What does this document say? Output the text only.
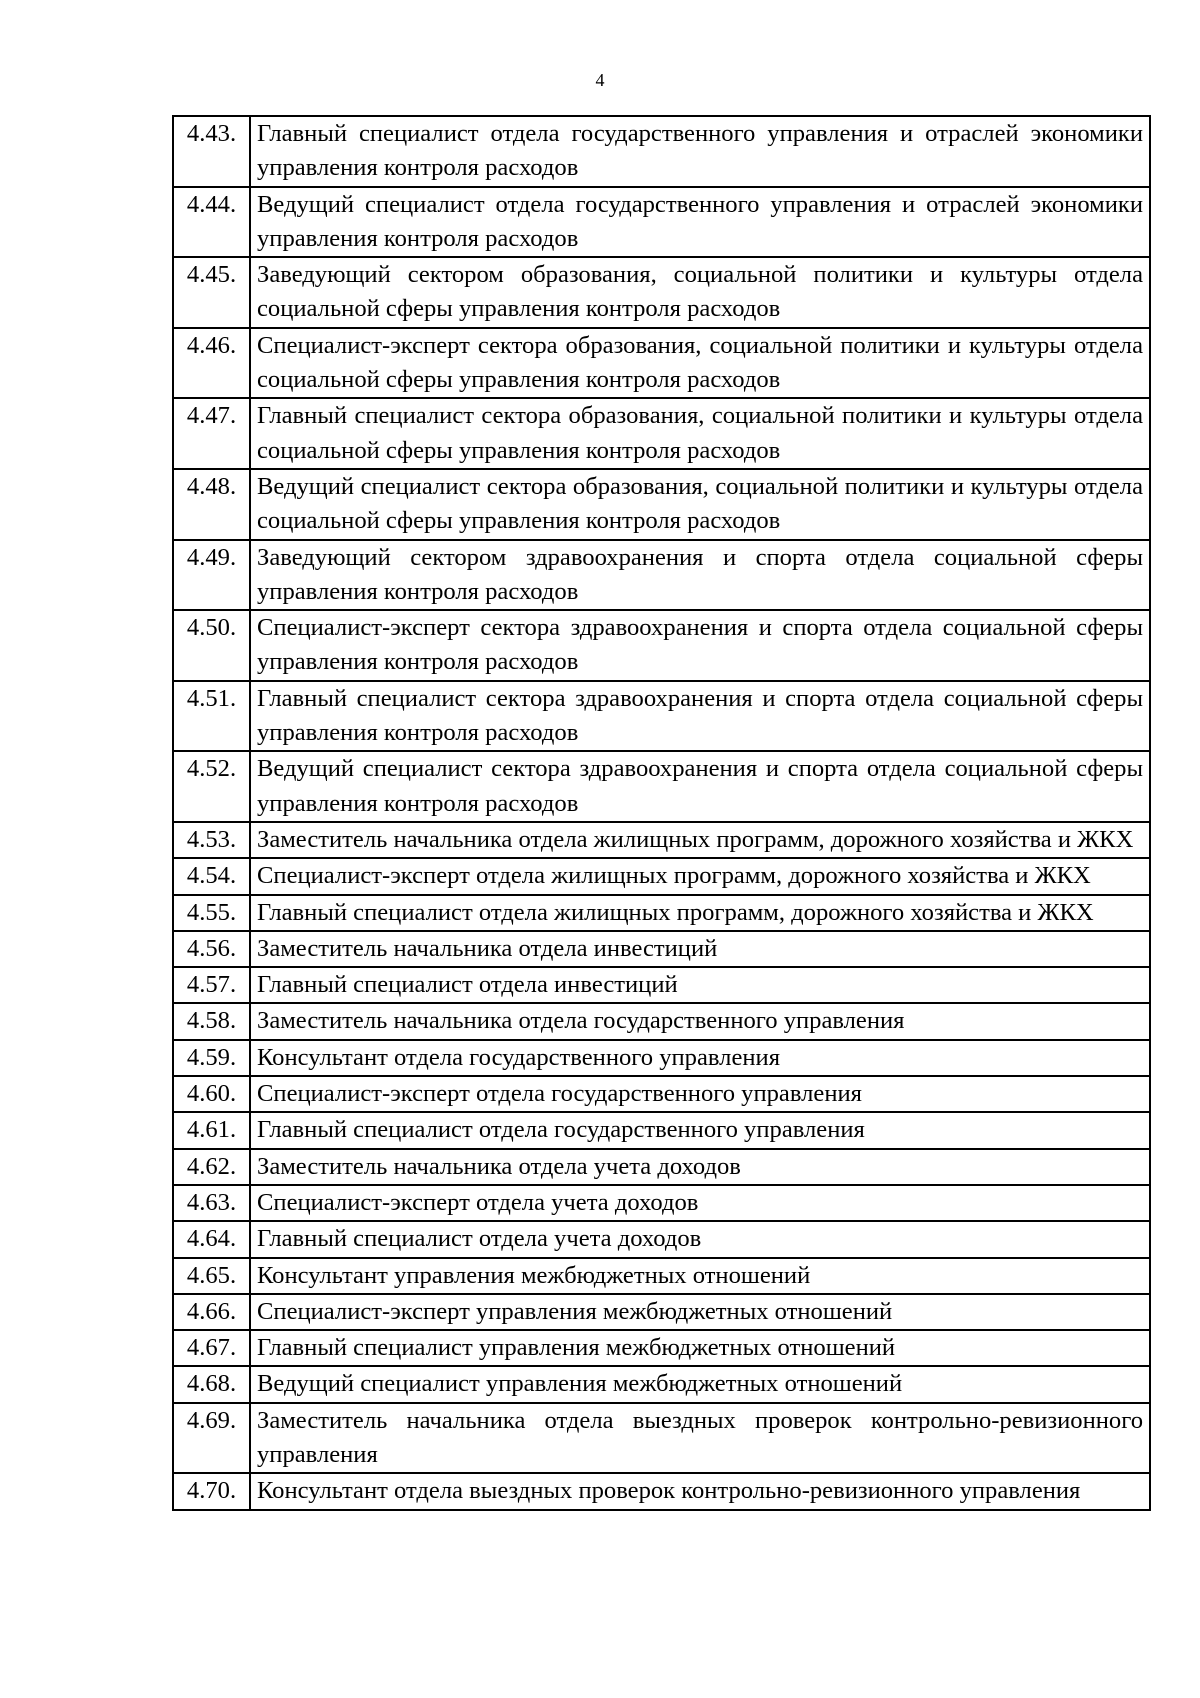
4
4.43.	Главный специалист отдела государственного управления и отраслей экономики управления контроля расходов
4.44.	Ведущий специалист отдела государственного управления и отраслей экономики управления контроля расходов
4.45.	Заведующий сектором образования, социальной политики и культуры отдела социальной сферы управления контроля расходов
4.46.	Специалист-эксперт сектора образования, социальной политики и культуры отдела социальной сферы управления контроля расходов
4.47.	Главный специалист сектора образования, социальной политики и культуры отдела социальной сферы управления контроля расходов
4.48.	Ведущий специалист сектора образования, социальной политики и культуры отдела социальной сферы управления контроля расходов
4.49.	Заведующий сектором здравоохранения и спорта отдела социальной сферы управления контроля расходов
4.50.	Специалист-эксперт сектора здравоохранения и спорта отдела социальной сферы управления контроля расходов
4.51.	Главный специалист сектора здравоохранения и спорта отдела социальной сферы управления контроля расходов
4.52.	Ведущий специалист сектора здравоохранения и спорта отдела социальной сферы управления контроля расходов
4.53.	Заместитель начальника отдела жилищных программ, дорожного хозяйства и ЖКХ
4.54.	Специалист-эксперт отдела жилищных программ, дорожного хозяйства и ЖКХ
4.55.	Главный специалист отдела жилищных программ, дорожного хозяйства и ЖКХ
4.56.	Заместитель начальника отдела инвестиций
4.57.	Главный специалист отдела инвестиций
4.58.	Заместитель начальника отдела государственного управления
4.59.	Консультант отдела государственного управления
4.60.	Специалист-эксперт отдела государственного управления
4.61.	Главный специалист отдела государственного управления
4.62.	Заместитель начальника отдела учета доходов
4.63.	Специалист-эксперт отдела учета доходов
4.64.	Главный специалист отдела учета доходов
4.65.	Консультант управления межбюджетных отношений
4.66.	Специалист-эксперт управления межбюджетных отношений
4.67.	Главный специалист управления межбюджетных отношений
4.68.	Ведущий специалист управления межбюджетных отношений
4.69.	Заместитель начальника отдела выездных проверок контрольно-ревизионного управления
4.70.	Консультант отдела выездных проверок контрольно-ревизионного управления
